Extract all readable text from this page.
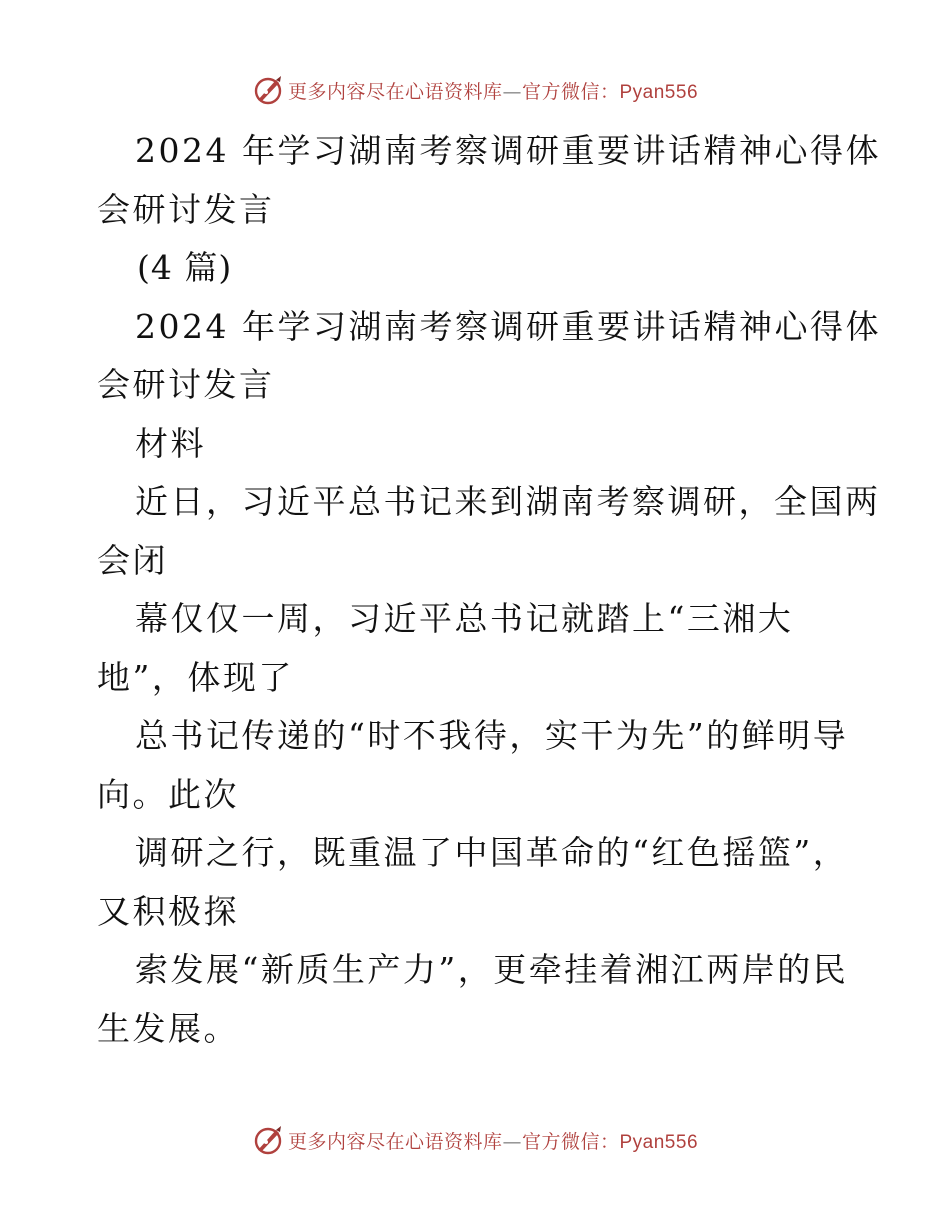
更多内容尽在心语资料库—官方微信：Pyan556
2024 年学习湖南考察调研重要讲话精神心得体
会研讨发言
(4 篇)
2024 年学习湖南考察调研重要讲话精神心得体
会研讨发言
材料
近日，习近平总书记来到湖南考察调研，全国两
会闭
幕仅仅一周，习近平总书记就踏上“三湘大
地”，体现了
总书记传递的“时不我待，实干为先”的鲜明导
向。此次
调研之行，既重温了中国革命的“红色摇篮”，
又积极探
索发展“新质生产力”，更牵挂着湘江两岸的民
生发展。
更多内容尽在心语资料库—官方微信：Pyan556
